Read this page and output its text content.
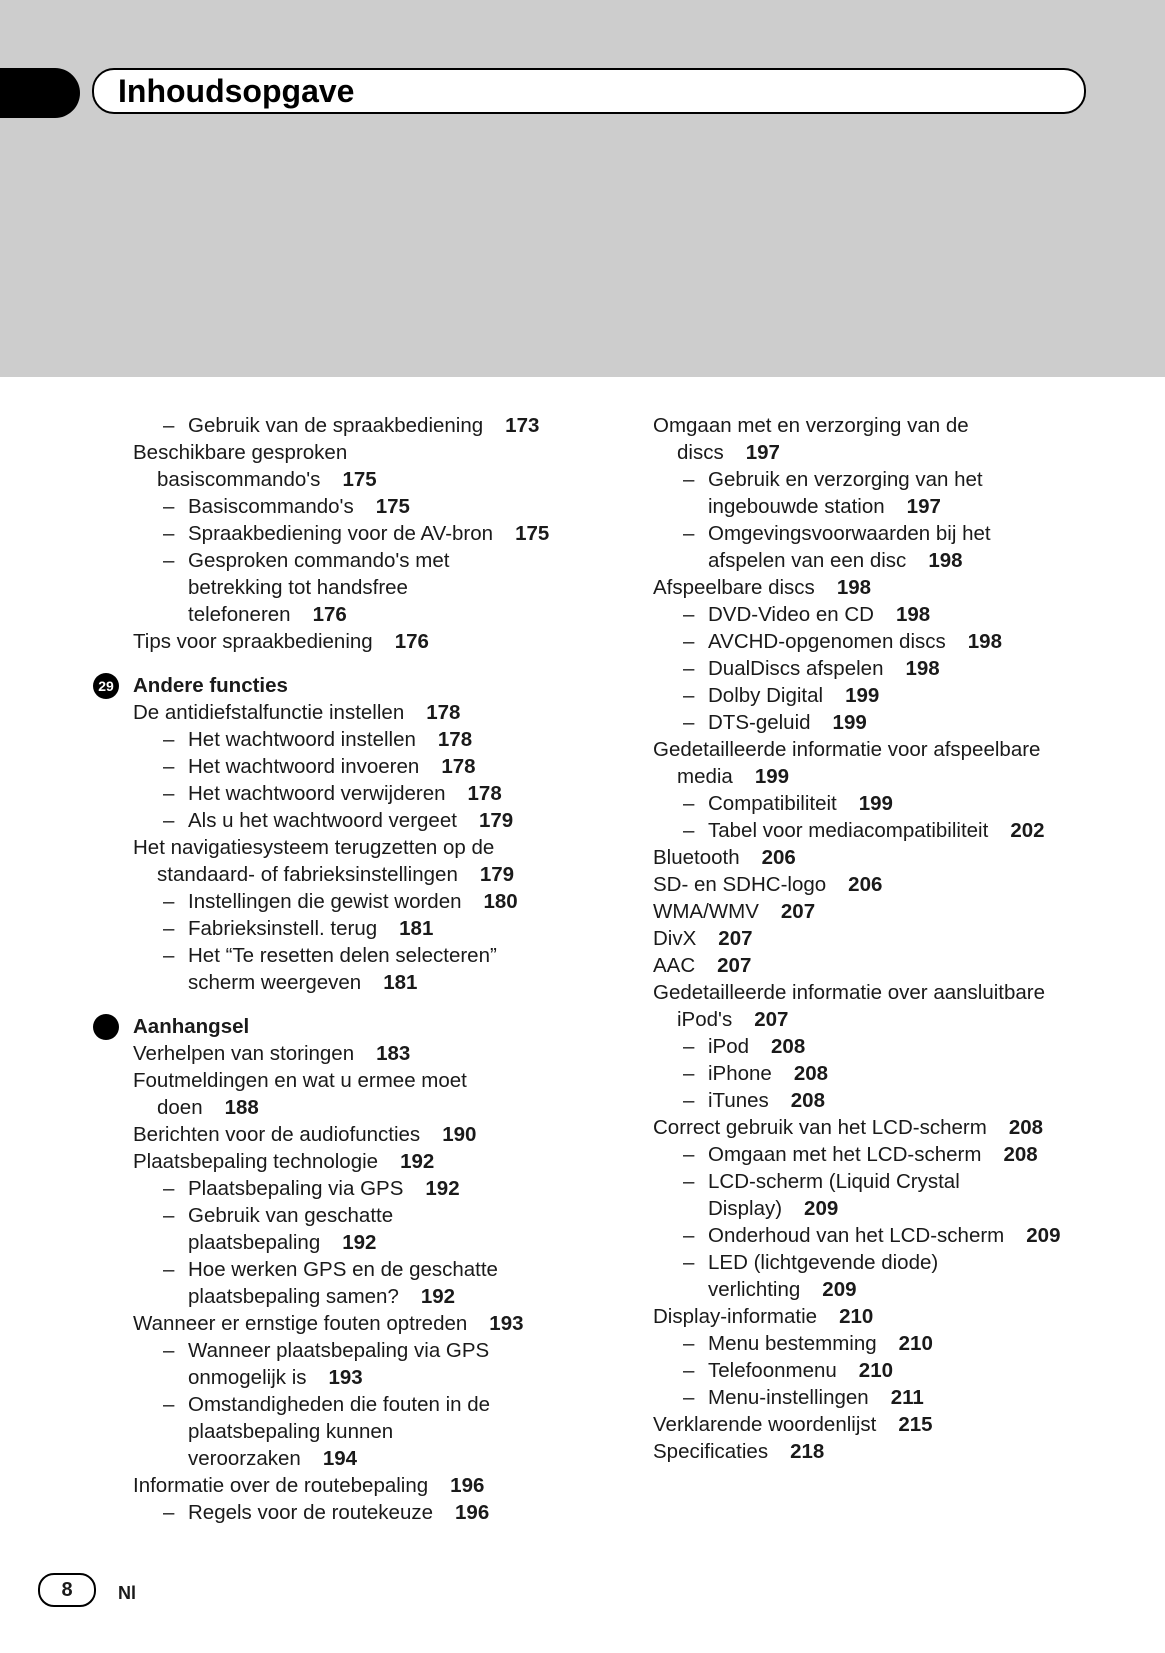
Inhoudsopgave
– Gebruik van de spraakbediening 173
Beschikbare gesproken
basiscommando's 175
– Basiscommando's 175
– Spraakbediening voor de AV-bron 175
– Gesproken commando's met
betrekking tot handsfree
telefoneren 176
Tips voor spraakbediening 176
29 Andere functies
De antidiefstalfunctie instellen 178
– Het wachtwoord instellen 178
– Het wachtwoord invoeren 178
– Het wachtwoord verwijderen 178
– Als u het wachtwoord vergeet 179
Het navigatiesysteem terugzetten op de
standaard- of fabrieksinstellingen 179
– Instellingen die gewist worden 180
– Fabrieksinstell. terug 181
– Het “Te resetten delen selecteren”
scherm weergeven 181
Aanhangsel
Verhelpen van storingen 183
Foutmeldingen en wat u ermee moet
doen 188
Berichten voor de audiofuncties 190
Plaatsbepaling technologie 192
– Plaatsbepaling via GPS 192
– Gebruik van geschatte
plaatsbepaling 192
– Hoe werken GPS en de geschatte
plaatsbepaling samen? 192
Wanneer er ernstige fouten optreden 193
– Wanneer plaatsbepaling via GPS
onmogelijk is 193
– Omstandigheden die fouten in de
plaatsbepaling kunnen
veroorzaken 194
Informatie over de routebepaling 196
– Regels voor de routekeuze 196
Omgaan met en verzorging van de
discs 197
– Gebruik en verzorging van het
ingebouwde station 197
– Omgevingsvoorwaarden bij het
afspelen van een disc 198
Afspeelbare discs 198
– DVD-Video en CD 198
– AVCHD-opgenomen discs 198
– DualDiscs afspelen 198
– Dolby Digital 199
– DTS-geluid 199
Gedetailleerde informatie voor afspeelbare
media 199
– Compatibiliteit 199
– Tabel voor mediacompatibiliteit 202
Bluetooth 206
SD- en SDHC-logo 206
WMA/WMV 207
DivX 207
AAC 207
Gedetailleerde informatie over aansluitbare
iPod's 207
– iPod 208
– iPhone 208
– iTunes 208
Correct gebruik van het LCD-scherm 208
– Omgaan met het LCD-scherm 208
– LCD-scherm (Liquid Crystal
Display) 209
– Onderhoud van het LCD-scherm 209
– LED (lichtgevende diode)
verlichting 209
Display-informatie 210
– Menu bestemming 210
– Telefoonmenu 210
– Menu-instellingen 211
Verklarende woordenlijst 215
Specificaties 218
8	Nl
